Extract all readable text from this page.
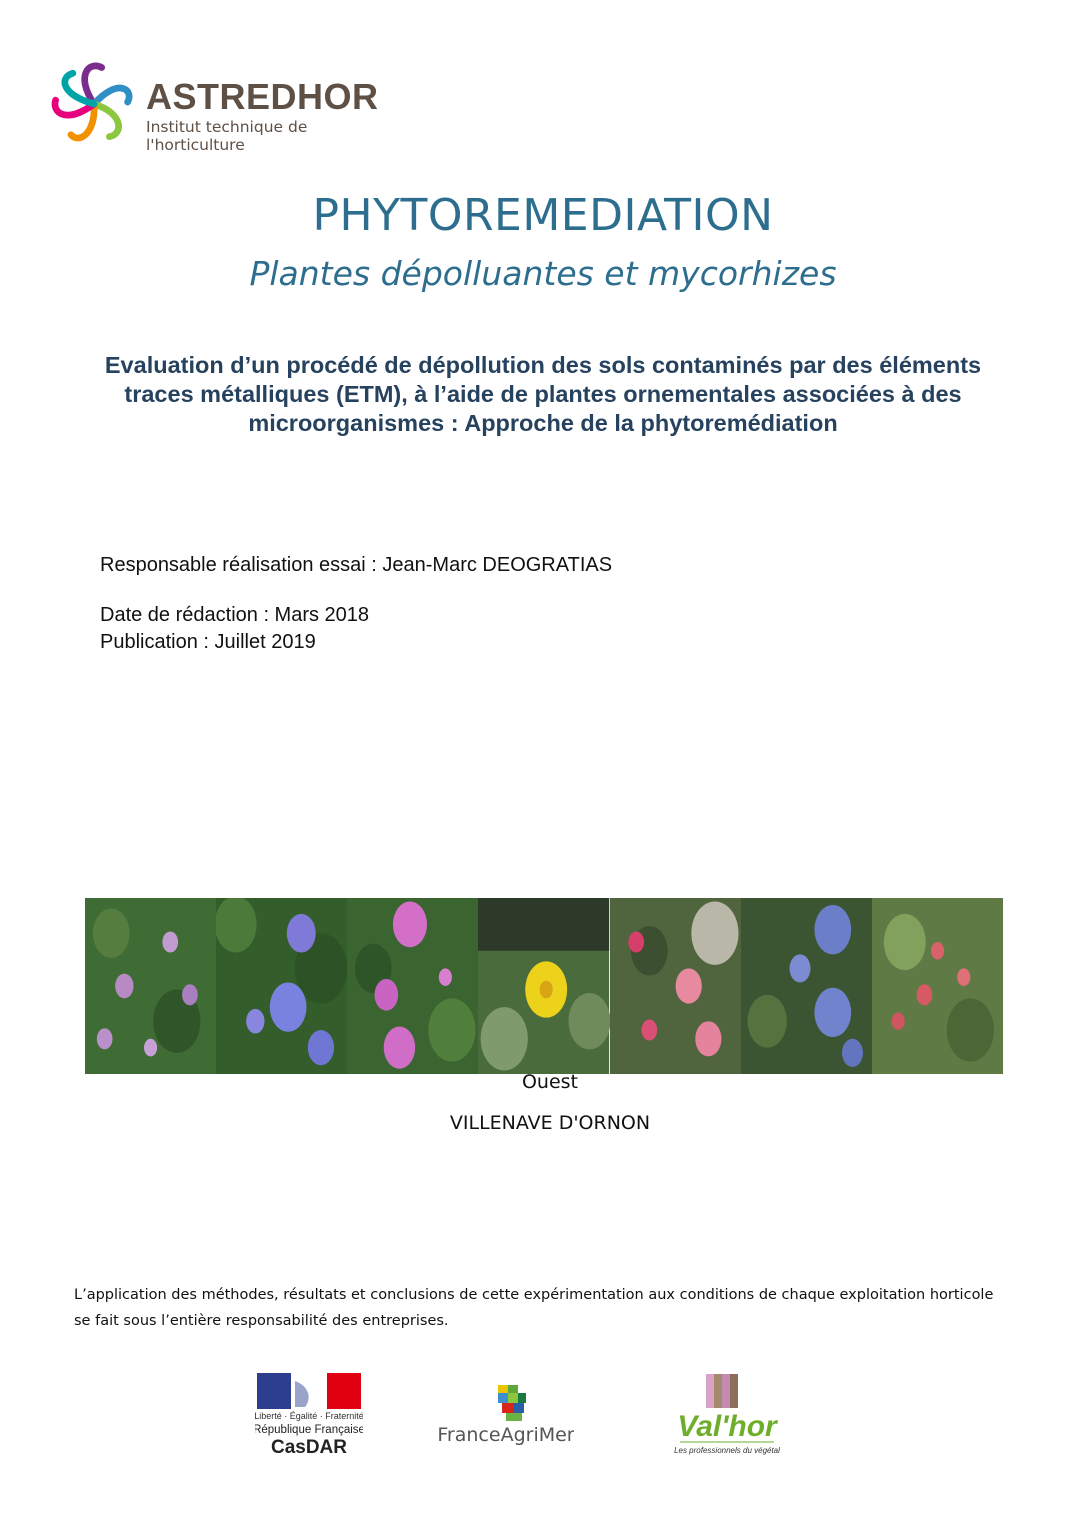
ASTREDHOR
Institut technique de l'horticulture
PHYTOREMEDIATION
Plantes dépolluantes et mycorhizes
Evaluation d’un procédé de dépollution des sols contaminés par des éléments traces métalliques (ETM), à l’aide de plantes ornementales associées à des microorganismes : Approche de la phytoremédiation
Responsable réalisation essai : Jean-Marc DEOGRATIAS
Date de rédaction : Mars 2018
Publication : Juillet 2019
Ouest
VILLENAVE D'ORNON
L’application des méthodes, résultats et conclusions de cette expérimentation aux conditions de chaque exploitation horticole se fait sous l’entière responsabilité des entreprises.
Liberté · Égalité · Fraternité
République Française
CasDAR
FranceAgriMer	Val'hor
Les professionnels du végétal
